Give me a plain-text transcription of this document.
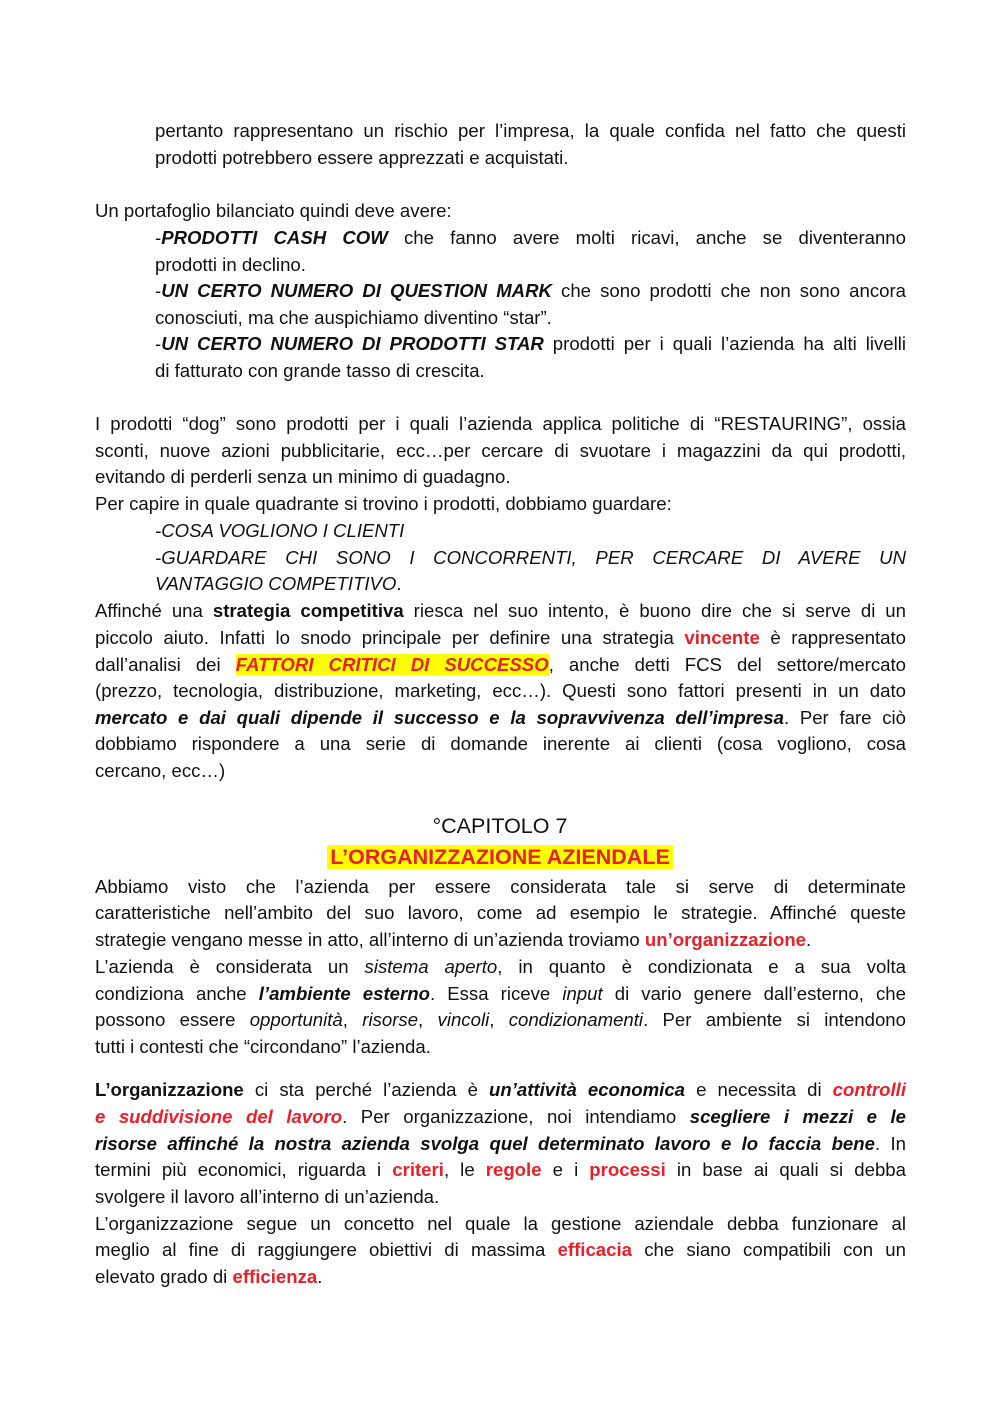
pertanto rappresentano un rischio per l’impresa, la quale confida nel fatto che questi
prodotti potrebbero essere apprezzati e acquistati.
Un portafoglio bilanciato quindi deve avere:
-PRODOTTI CASH COW che fanno avere molti ricavi, anche se diventeranno
prodotti in declino.
-UN CERTO NUMERO DI QUESTION MARK che sono prodotti che non sono ancora
conosciuti, ma che auspichiamo diventino “star”.
-UN CERTO NUMERO DI PRODOTTI STAR prodotti per i quali l’azienda ha alti livelli
di fatturato con grande tasso di crescita.
I prodotti “dog” sono prodotti per i quali l’azienda applica politiche di “RESTAURING”, ossia
sconti, nuove azioni pubblicitarie, ecc…per cercare di svuotare i magazzini da qui prodotti,
evitando di perderli senza un minimo di guadagno.
Per capire in quale quadrante si trovino i prodotti, dobbiamo guardare:
-COSA VOGLIONO I CLIENTI
-GUARDARE CHI SONO I CONCORRENTI, PER CERCARE DI AVERE UN
VANTAGGIO COMPETITIVO.
Affinché una strategia competitiva riesca nel suo intento, è buono dire che si serve di un
piccolo aiuto. Infatti lo snodo principale per definire una strategia vincente è rappresentato
dall’analisi dei FATTORI CRITICI DI SUCCESSO, anche detti FCS del settore/mercato
(prezzo, tecnologia, distribuzione, marketing, ecc…). Questi sono fattori presenti in un dato
mercato e dai quali dipende il successo e la sopravvivenza dell’impresa. Per fare ciò
dobbiamo rispondere a una serie di domande inerente ai clienti (cosa vogliono, cosa
cercano, ecc…)
°CAPITOLO 7
L’ORGANIZZAZIONE AZIENDALE
Abbiamo visto che l’azienda per essere considerata tale si serve di determinate
caratteristiche nell’ambito del suo lavoro, come ad esempio le strategie. Affinché queste
strategie vengano messe in atto, all’interno di un’azienda troviamo un’organizzazione.
L’azienda è considerata un sistema aperto, in quanto è condizionata e a sua volta
condiziona anche l’ambiente esterno. Essa riceve input di vario genere dall’esterno, che
possono essere opportunità, risorse, vincoli, condizionamenti. Per ambiente si intendono
tutti i contesti che “circondano” l’azienda.
L’organizzazione ci sta perché l’azienda è un’attività economica e necessita di controlli
e suddivisione del lavoro. Per organizzazione, noi intendiamo scegliere i mezzi e le
risorse affinché la nostra azienda svolga quel determinato lavoro e lo faccia bene. In
termini più economici, riguarda i criteri, le regole e i processi in base ai quali si debba
svolgere il lavoro all’interno di un’azienda.
L’organizzazione segue un concetto nel quale la gestione aziendale debba funzionare al
meglio al fine di raggiungere obiettivi di massima efficacia che siano compatibili con un
elevato grado di efficienza.
